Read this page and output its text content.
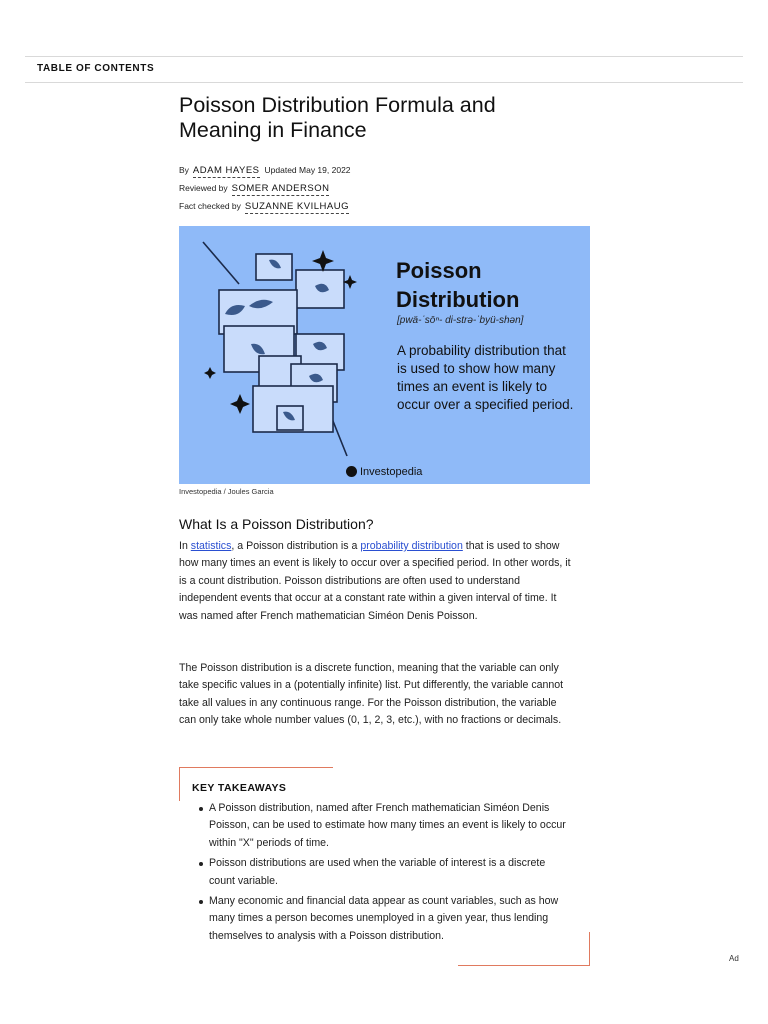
TABLE OF CONTENTS
Poisson Distribution Formula and Meaning in Finance
By ADAM HAYES Updated May 19, 2022
Reviewed by SOMER ANDERSON
Fact checked by SUZANNE KVILHAUG
Poisson
Distribution
[pwä-ˈsōⁿ- di-strə-ˈbyü-shən]
A probability distribution that is used to show how many times an event is likely to occur over a specified period.
Investopedia
Investopedia / Joules Garcia
What Is a Poisson Distribution?

In statistics, a Poisson distribution is a probability distribution that is used to show how many times an event is likely to occur over a specified period. In other words, it is a count distribution. Poisson distributions are often used to understand independent events that occur at a constant rate within a given interval of time. It was named after French mathematician Siméon Denis Poisson.

The Poisson distribution is a discrete function, meaning that the variable can only take specific values in a (potentially infinite) list. Put differently, the variable cannot take all values in any continuous range. For the Poisson distribution, the variable can only take whole number values (0, 1, 2, 3, etc.), with no fractions or decimals.

KEY TAKEAWAYS
A Poisson distribution, named after French mathematician Siméon Denis Poisson, can be used to estimate how many times an event is likely to occur within "X" periods of time.
Poisson distributions are used when the variable of interest is a discrete count variable.
Many economic and financial data appear as count variables, such as how many times a person becomes unemployed in a given year, thus lending themselves to analysis with a Poisson distribution.
Ad
